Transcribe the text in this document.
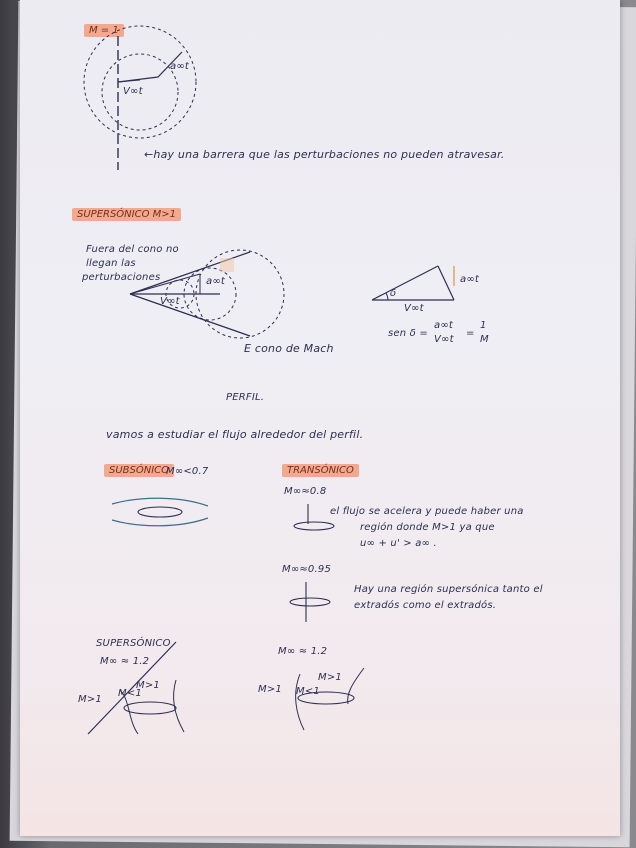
M = 1
a∞t
V∞t
←hay una barrera que las perturbaciones no pueden atravesar.
SUPERSÓNICO M>1
Fuera del cono no
llegan las
perturbaciones	a∞t
V∞t
E cono de Mach
δ
a∞t
V∞t
sen δ =
a∞t
V∞t
=
1
M
PERFIL.
vamos a estudiar el flujo alrededor del perfil.
SUBSÓNICO
M∞<0.7	TRANSÓNICO
M∞≈0.8
el flujo se acelera y puede haber una
región donde M>1 ya que
u∞ + u' > a∞ .
M∞≈0.95
Hay una región supersónica tanto el
extradós como el extradós.
SUPERSÓNICO
M∞ ≈ 1.2
M>1
M<1
M>1
M∞ ≈ 1.2
M>1 M<1
M>1
